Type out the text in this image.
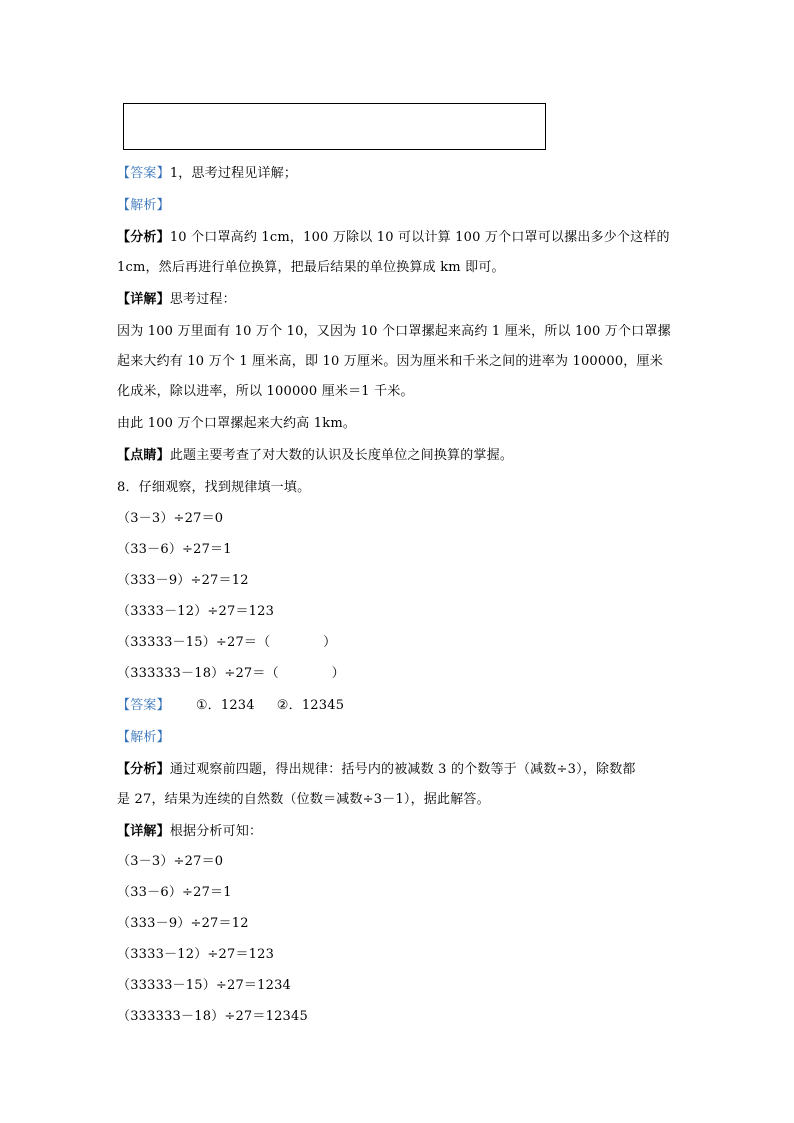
【答案】1，思考过程见详解；
【解析】
【分析】10 个口罩高约 1cm，100 万除以 10 可以计算 100 万个口罩可以摞出多少个这样的
1cm，然后再进行单位换算，把最后结果的单位换算成 km 即可。
【详解】思考过程：
因为 100 万里面有 10 万个 10，又因为 10 个口罩摞起来高约 1 厘米，所以 100 万个口罩摞
起来大约有 10 万个 1 厘米高，即 10 万厘米。因为厘米和千米之间的进率为 100000，厘米
化成米，除以进率，所以 100000 厘米＝1 千米。
由此 100 万个口罩摞起来大约高 1km。
【点睛】此题主要考查了对大数的认识及长度单位之间换算的掌握。
8．仔细观察，找到规律填一填。
（3－3）÷27＝0
（33－6）÷27＝1
（333－9）÷27＝12
（3333－12）÷27＝123
（33333－15）÷27＝（　　　　）
（333333－18）÷27＝（　　　　）
【答案】 ①．1234 ②．12345
【解析】
【分析】通过观察前四题，得出规律：括号内的被减数 3 的个数等于（减数÷3），除数都
是 27，结果为连续的自然数（位数＝减数÷3－1），据此解答。
【详解】根据分析可知：
（3－3）÷27＝0
（33－6）÷27＝1
（333－9）÷27＝12
（3333－12）÷27＝123
（33333－15）÷27＝1234
（333333－18）÷27＝12345
